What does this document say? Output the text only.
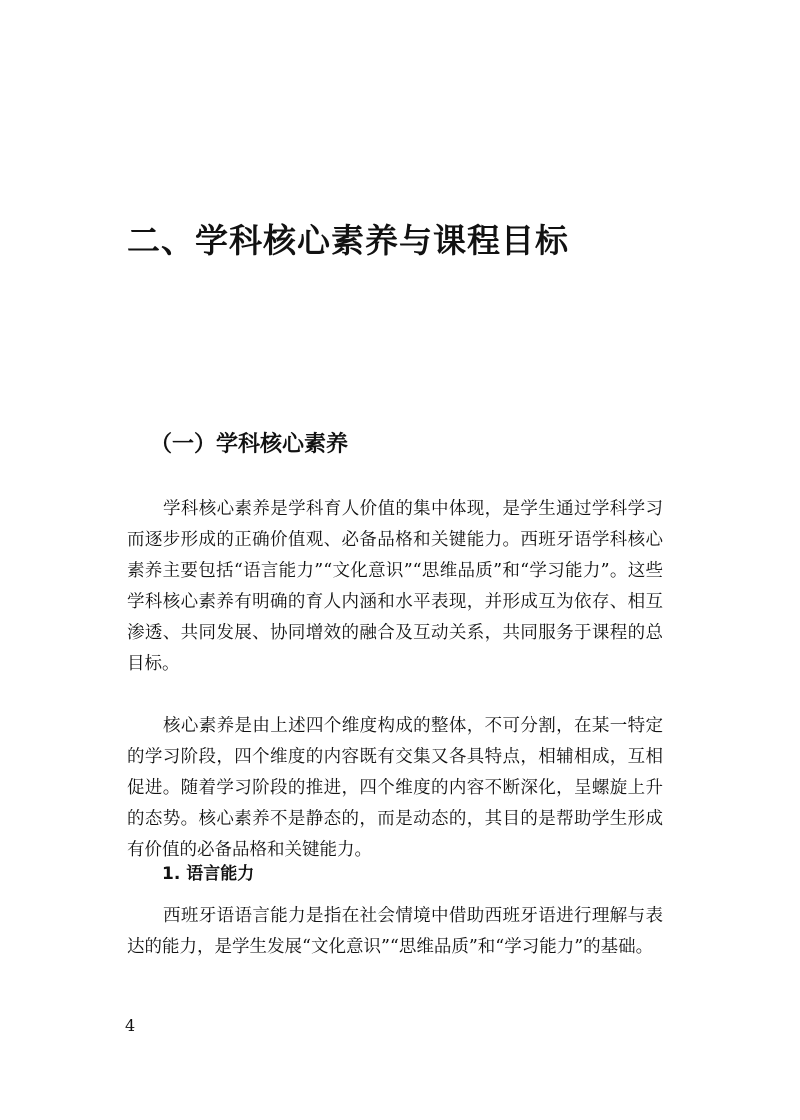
二、学科核心素养与课程目标
（一）学科核心素养

学科核心素养是学科育人价值的集中体现，是学生通过学科学习而逐步形成的正确价值观、必备品格和关键能力。西班牙语学科核心素养主要包括“语言能力”“文化意识”“思维品质”和“学习能力”。这些学科核心素养有明确的育人内涵和水平表现，并形成互为依存、相互渗透、共同发展、协同增效的融合及互动关系，共同服务于课程的总目标。

核心素养是由上述四个维度构成的整体，不可分割，在某一特定的学习阶段，四个维度的内容既有交集又各具特点，相辅相成，互相促进。随着学习阶段的推进，四个维度的内容不断深化，呈螺旋上升的态势。核心素养不是静态的，而是动态的，其目的是帮助学生形成有价值的必备品格和关键能力。

1. 语言能力

西班牙语语言能力是指在社会情境中借助西班牙语进行理解与表达的能力，是学生发展“文化意识”“思维品质”和“学习能力”的基础。

4
